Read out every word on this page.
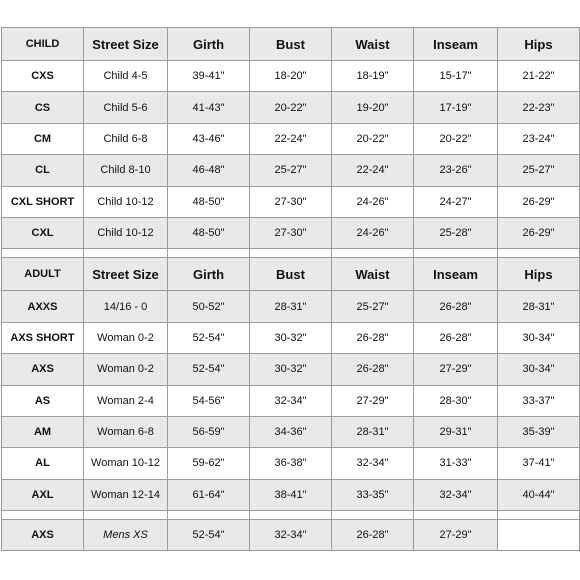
CHILD	Street Size	Girth	Bust	Waist	Inseam	Hips
CXS	Child 4-5	39-41"	18-20"	18-19"	15-17"	21-22"
CS	Child 5-6	41-43"	20-22"	19-20"	17-19"	22-23"
CM	Child 6-8	43-46"	22-24"	20-22"	20-22"	23-24"
CL	Child 8-10	46-48"	25-27"	22-24"	23-26"	25-27"
CXL SHORT	Child 10-12	48-50"	27-30"	24-26"	24-27"	26-29"
CXL	Child 10-12	48-50"	27-30"	24-26"	25-28"	26-29"

ADULT	Street Size	Girth	Bust	Waist	Inseam	Hips
AXXS	14/16 - 0	50-52"	28-31"	25-27"	26-28"	28-31"
AXS SHORT	Woman 0-2	52-54"	30-32"	26-28"	26-28"	30-34"
AXS	Woman 0-2	52-54"	30-32"	26-28"	27-29"	30-34"
AS	Woman 2-4	54-56"	32-34"	27-29"	28-30"	33-37"
AM	Woman 6-8	56-59"	34-36"	28-31"	29-31"	35-39"
AL	Woman 10-12	59-62"	36-38"	32-34"	31-33"	37-41"
AXL	Woman 12-14	61-64"	38-41"	33-35"	32-34"	40-44"

AXS	Mens XS	52-54"	32-34"	26-28"	27-29"	
